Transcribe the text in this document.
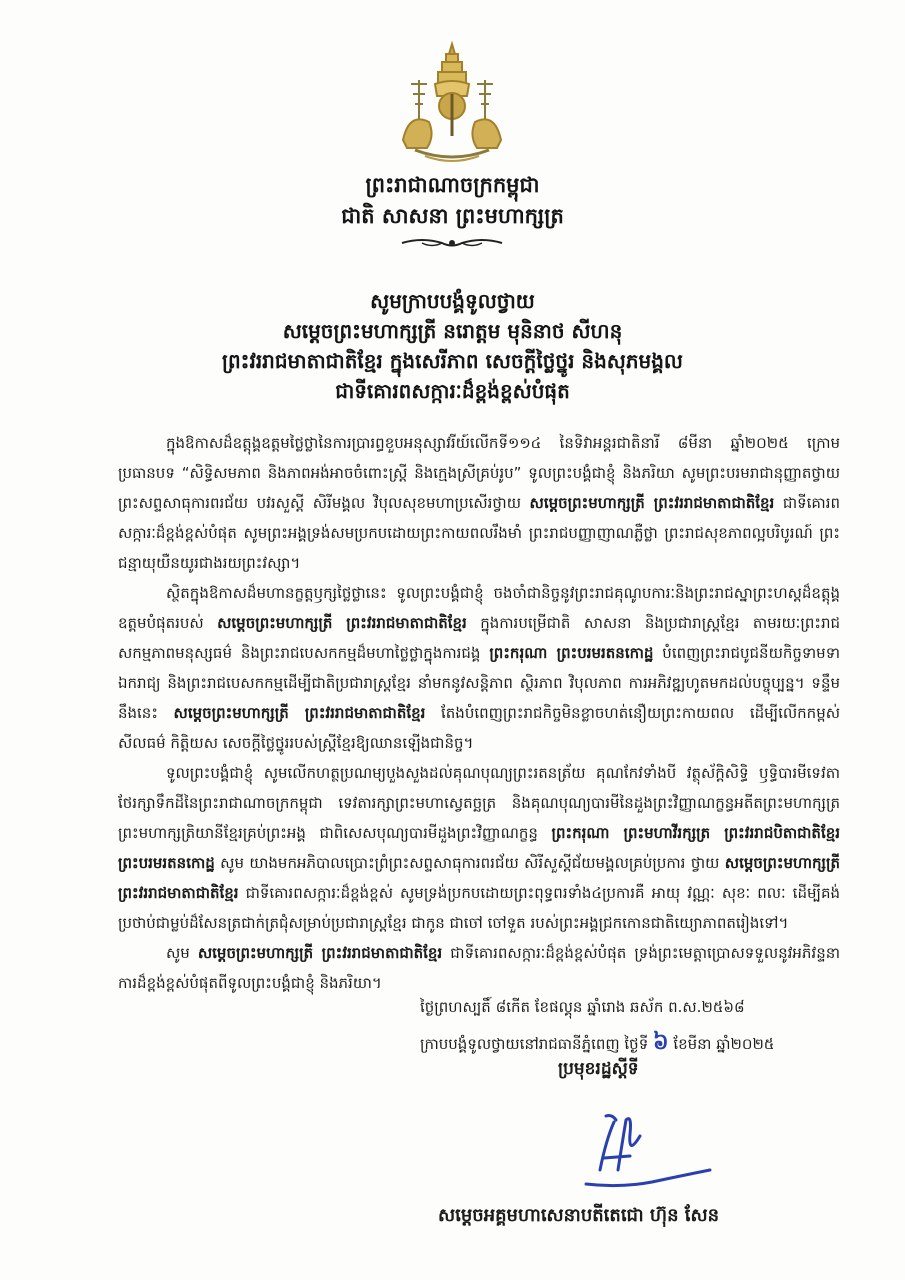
ព្រះរាជាណាចក្រកម្ពុជា
ជាតិ សាសនា ព្រះមហាក្សត្រ
សូមក្រាបបង្គំទូលថ្វាយ
សម្តេចព្រះមហាក្សត្រី នរោត្តម មុនិនាថ សីហនុ
ព្រះវររាជមាតាជាតិខ្មែរ ក្នុងសេរីភាព សេចក្តីថ្លៃថ្នូរ និងសុភមង្គល
ជាទីគោរពសក្ការៈដ៏ខ្ពង់ខ្ពស់បំផុត

ក្នុងឱកាសដ៏ឧត្តុង្គឧត្តមថ្លៃថ្លានៃការប្រារព្ធខួបអនុស្សាវរីយ៍លើកទី១១៤ នៃទិវាអន្តរជាតិនារី ៨មីនា ឆ្នាំ២០២៥ ក្រោមប្រធានបទ “សិទ្ធិសមភាព និងភាពអង់អាចចំពោះស្ត្រី និងក្មេងស្រីគ្រប់រូប” ទូលព្រះបង្គំជាខ្ញុំ និងភរិយា សូមព្រះបរមរាជានុញ្ញាតថ្វាយព្រះសព្ទសាធុការពរជ័យ បវរសួស្តី សិរីមង្គល វិបុលសុខមហាប្រសើរថ្វាយ សម្តេចព្រះមហាក្សត្រី ព្រះវររាជមាតាជាតិខ្មែរ ជាទីគោរពសក្ការៈដ៏ខ្ពង់ខ្ពស់បំផុត សូមព្រះអង្គទ្រង់សមប្រកបដោយព្រះកាយពលរឹងមាំ ព្រះរាជបញ្ញាញាណភ្លឺថ្លា ព្រះរាជសុខភាពល្អបរិបូរណ៍ ព្រះជន្មាយុយឺនយូរជាងរយព្រះវស្សា។

ស្ថិតក្នុងឱកាសដ៏មហានក្ខត្តឫក្សថ្លៃថ្លានេះ ទូលព្រះបង្គំជាខ្ញុំ ចងចាំជានិច្ចនូវព្រះរាជគុណូបការៈនិងព្រះរាជស្នាព្រះហស្តដ៏ឧត្តុង្គឧត្តមបំផុតរបស់ សម្តេចព្រះមហាក្សត្រី ព្រះវររាជមាតាជាតិខ្មែរ ក្នុងការបម្រើជាតិ សាសនា និងប្រជារាស្ត្រខ្មែរ តាមរយៈព្រះរាជសកម្មភាពមនុស្សធម៌ និងព្រះរាជបេសកកម្មដ៏មហាថ្លៃថ្លាក្នុងការជង្គ ព្រះករុណា ព្រះបរមរតនកោដ្ឋ បំពេញព្រះរាជបូជនីយកិច្ចទាមទាឯករាជ្យ និងព្រះរាជបេសកកម្មដើម្បីជាតិប្រជារាស្ត្រខ្មែរ នាំមកនូវសន្តិភាព ស្ថិរភាព វិបុលភាព ការអភិវឌ្ឍហូតមកដល់បច្ចុប្បន្ន។ ទន្ទឹមនឹងនេះ សម្តេចព្រះមហាក្សត្រី ព្រះវររាជមាតាជាតិខ្មែរ តែងបំពេញព្រះរាជកិច្ចមិនខ្លាចហត់នឿយព្រះកាយពល ដើម្បីលើកកម្ពស់សីលធម៌ កិត្តិយស សេចក្តីថ្លៃថ្នូររបស់ស្ត្រីខ្មែរឱ្យឈានឡើងជានិច្ច។

ទូលព្រះបង្គំជាខ្ញុំ សូមលើកហត្ថប្រណម្យបួងសួងដល់គុណបុណ្យព្រះរតនត្រ័យ គុណកែវទាំងបី វត្ថុស័ក្តិសិទ្ធិ ឫទ្ធិបារមីទេវតាថែរក្សាទឹកដីនៃព្រះរាជាណាចក្រកម្ពុជា ទេវតារក្សាព្រះមហាស្វេតច្ឆត្រ និងគុណបុណ្យបារមីនៃដួងព្រះវិញ្ញាណក្ខន្ធអតីតព្រះមហាក្សត្រ ព្រះមហាក្សត្រិយានីខ្មែរគ្រប់ព្រះអង្គ ជាពិសេសបុណ្យបារមីដួងព្រះវិញ្ញាណក្ខន្ធ ព្រះករុណា ព្រះមហាវីរក្សត្រ ព្រះវររាជបិតាជាតិខ្មែរ ព្រះបរមរតនកោដ្ឋ សូម យាងមកអភិបាលប្រោះព្រំព្រះសព្ទសាធុការពរជ័យ សិរីសួស្តីជ័យមង្គលគ្រប់ប្រការ ថ្វាយ សម្តេចព្រះមហាក្សត្រី ព្រះវររាជមាតាជាតិខ្មែរ ជាទីគោរពសក្ការៈដ៏ខ្ពង់ខ្ពស់ សូមទ្រង់ប្រកបដោយព្រះពុទ្ធពរទាំង៤ប្រការគឺ អាយុ វណ្ណៈ សុខៈ ពលៈ ដើម្បីគង់ប្រថាប់ជាម្លប់ដ៏សែនត្រជាក់ត្រជុំសម្រាប់ប្រជារាស្ត្រខ្មែរ ជាកូន ជាចៅ ចៅទួត របស់ព្រះអង្គជ្រកកោនជាតិយ្យោភាពតរៀងទៅ។

សូម សម្តេចព្រះមហាក្សត្រី ព្រះវររាជមាតាជាតិខ្មែរ ជាទីគោរពសក្ការៈដ៏ខ្ពង់ខ្ពស់បំផុត ទ្រង់ព្រះមេត្តាប្រោសទទួលនូវអភិវន្ទនាការដ៏ខ្ពង់ខ្ពស់បំផុតពីទូលព្រះបង្គំជាខ្ញុំ និងភរិយា។

ថ្ងៃព្រហស្បតិ៍ ៨កើត ខែផល្គុន ឆ្នាំរោង ឆស័ក ព.ស.២៥៦៨
ក្រាបបង្គំទូលថ្វាយនៅរាជធានីភ្នំពេញ ថ្ងៃទី ៦ ខែមីនា ឆ្នាំ២០២៥
ប្រមុខរដ្ឋស្តីទី
សម្តេចអគ្គមហាសេនាបតីតេជោ ហ៊ុន សែន
